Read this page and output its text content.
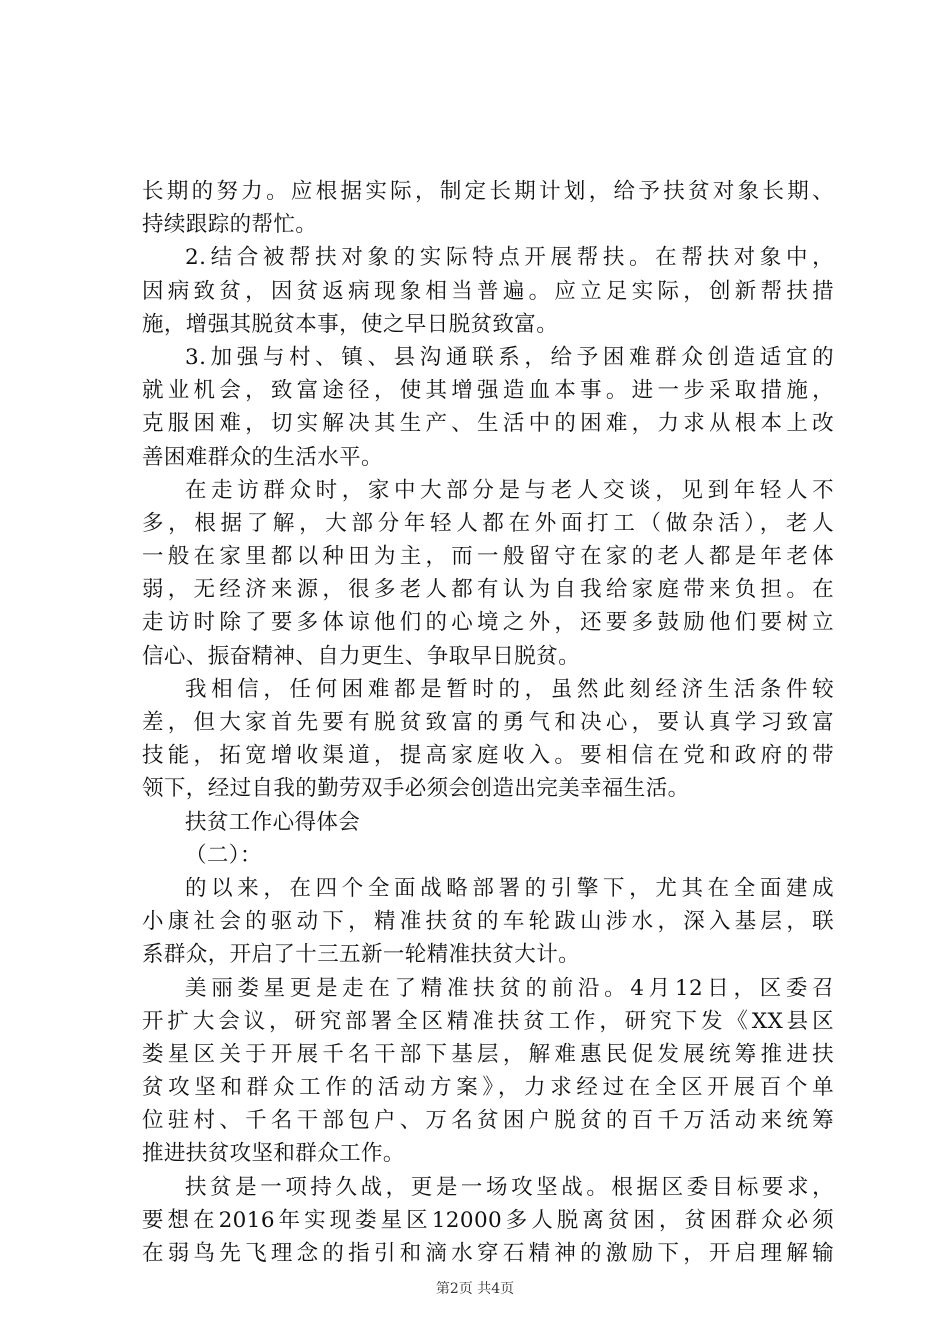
长期的努力。应根据实际，制定长期计划，给予扶贫对象长期、
持续跟踪的帮忙。
2.结合被帮扶对象的实际特点开展帮扶。在帮扶对象中，
因病致贫，因贫返病现象相当普遍。应立足实际，创新帮扶措
施，增强其脱贫本事，使之早日脱贫致富。
3.加强与村、镇、县沟通联系，给予困难群众创造适宜的
就业机会，致富途径，使其增强造血本事。进一步采取措施，
克服困难，切实解决其生产、生活中的困难，力求从根本上改
善困难群众的生活水平。
在走访群众时，家中大部分是与老人交谈，见到年轻人不
多，根据了解，大部分年轻人都在外面打工（做杂活），老人
一般在家里都以种田为主，而一般留守在家的老人都是年老体
弱，无经济来源，很多老人都有认为自我给家庭带来负担。在
走访时除了要多体谅他们的心境之外，还要多鼓励他们要树立
信心、振奋精神、自力更生、争取早日脱贫。
我相信，任何困难都是暂时的，虽然此刻经济生活条件较
差，但大家首先要有脱贫致富的勇气和决心，要认真学习致富
技能，拓宽增收渠道，提高家庭收入。要相信在党和政府的带
领下，经过自我的勤劳双手必须会创造出完美幸福生活。
扶贫工作心得体会
（二）：
的以来，在四个全面战略部署的引擎下，尤其在全面建成
小康社会的驱动下，精准扶贫的车轮跋山涉水，深入基层，联
系群众，开启了十三五新一轮精准扶贫大计。
美丽娄星更是走在了精准扶贫的前沿。4月12日，区委召
开扩大会议，研究部署全区精准扶贫工作，研究下发《XX县区
娄星区关于开展千名干部下基层，解难惠民促发展统筹推进扶
贫攻坚和群众工作的活动方案》，力求经过在全区开展百个单
位驻村、千名干部包户、万名贫困户脱贫的百千万活动来统筹
推进扶贫攻坚和群众工作。
扶贫是一项持久战，更是一场攻坚战。根据区委目标要求，
要想在2016年实现娄星区12000多人脱离贫困，贫困群众必须
在弱鸟先飞理念的指引和滴水穿石精神的激励下，开启理解输
第2页 共4页
